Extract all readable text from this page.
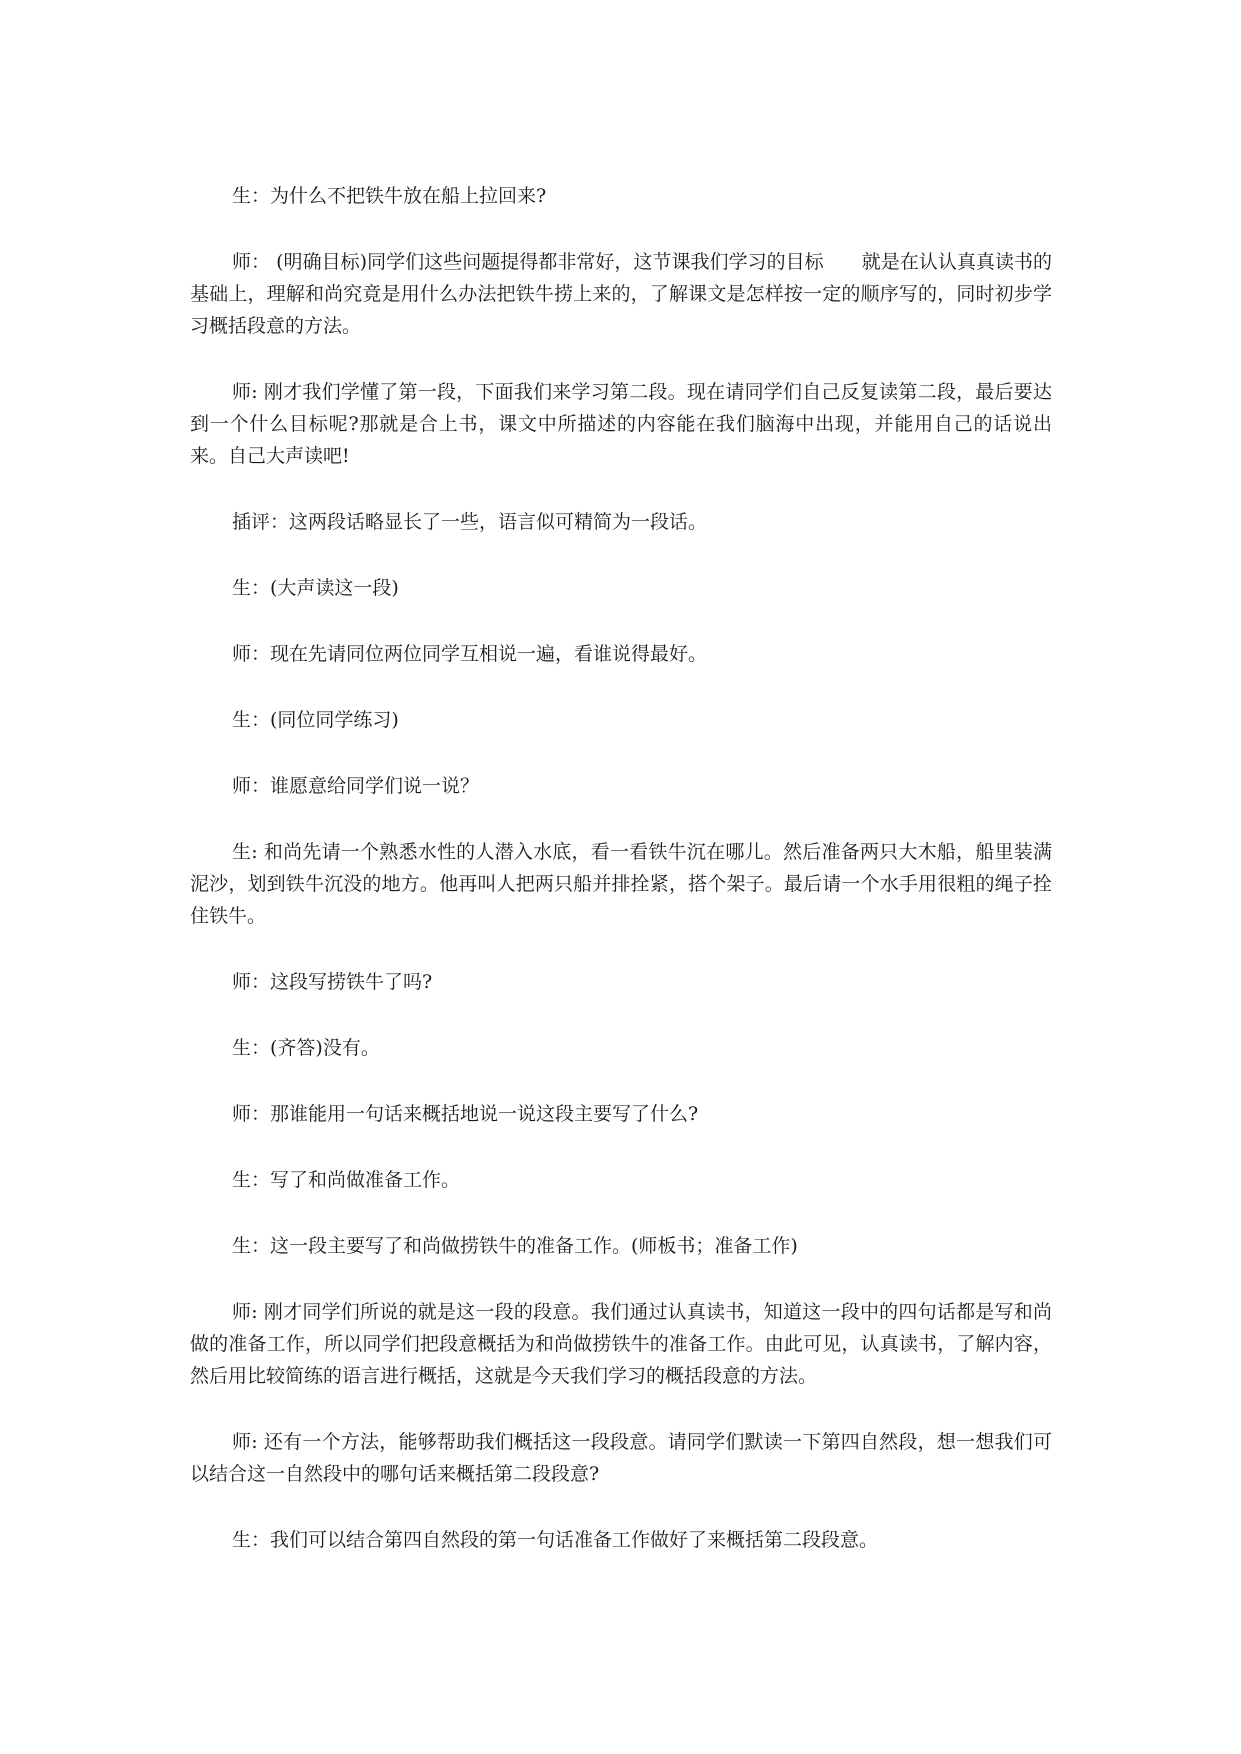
生：为什么不把铁牛放在船上拉回来?

师： (明确目标)同学们这些问题提得都非常好，这节课我们学习的目标　　就是在认认真真读书的基础上，理解和尚究竟是用什么办法把铁牛捞上来的，了解课文是怎样按一定的顺序写的，同时初步学习概括段意的方法。

师: 刚才我们学懂了第一段，下面我们来学习第二段。现在请同学们自己反复读第二段，最后要达到一个什么目标呢?那就是合上书，课文中所描述的内容能在我们脑海中出现，并能用自己的话说出来。自己大声读吧!

插评：这两段话略显长了一些，语言似可精简为一段话。

生：(大声读这一段)

师：现在先请同位两位同学互相说一遍，看谁说得最好。

生：(同位同学练习)

师：谁愿意给同学们说一说？

生: 和尚先请一个熟悉水性的人潜入水底，看一看铁牛沉在哪儿。然后准备两只大木船，船里装满泥沙，划到铁牛沉没的地方。他再叫人把两只船并排拴紧，搭个架子。最后请一个水手用很粗的绳子拴住铁牛。

师：这段写捞铁牛了吗?

生：(齐答)没有。

师：那谁能用一句话来概括地说一说这段主要写了什么?

生：写了和尚做准备工作。

生：这一段主要写了和尚做捞铁牛的准备工作。(师板书；准备工作)

师: 刚才同学们所说的就是这一段的段意。我们通过认真读书，知道这一段中的四句话都是写和尚做的准备工作，所以同学们把段意概括为和尚做捞铁牛的准备工作。由此可见，认真读书，了解内容，然后用比较简练的语言进行概括，这就是今天我们学习的概括段意的方法。

师: 还有一个方法，能够帮助我们概括这一段段意。请同学们默读一下第四自然段，想一想我们可以结合这一自然段中的哪句话来概括第二段段意?

生：我们可以结合第四自然段的第一句话准备工作做好了来概括第二段段意。
